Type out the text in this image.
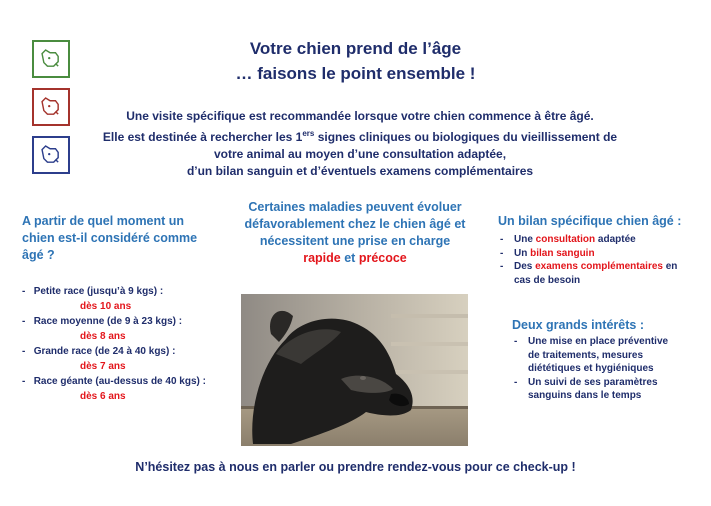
Votre chien prend de l’âge
… faisons le point ensemble !
Une visite spécifique est recommandée lorsque votre chien commence à être âgé.
Elle est destinée à rechercher les 1ers signes cliniques ou biologiques du vieillissement de
votre animal au moyen d’une consultation adaptée,
d’un bilan sanguin et d’éventuels examens complémentaires
A partir de quel moment un
chien est-il considéré comme
âgé ?
- Petite race (jusqu’à 9 kgs) :
dès 10 ans
- Race moyenne (de 9 à 23 kgs) :
dès 8 ans
- Grande race (de 24 à 40 kgs) :
dès 7 ans
- Race géante (au-dessus de 40 kgs) :
dès 6 ans
Certaines maladies peuvent évoluer
défavorablement chez le chien âgé et
nécessitent une prise en charge
rapide et précoce
Un bilan spécifique chien âgé :
-	Une consultation adaptée
-	Un bilan sanguin
-	Des examens complémentaires en
cas de besoin
Deux grands intérêts :
-	Une mise en place préventive
de traitements, mesures
diététiques et hygiéniques
-	Un suivi de ses paramètres
sanguins dans le temps
N’hésitez pas à nous en parler ou prendre rendez-vous pour ce check-up !
